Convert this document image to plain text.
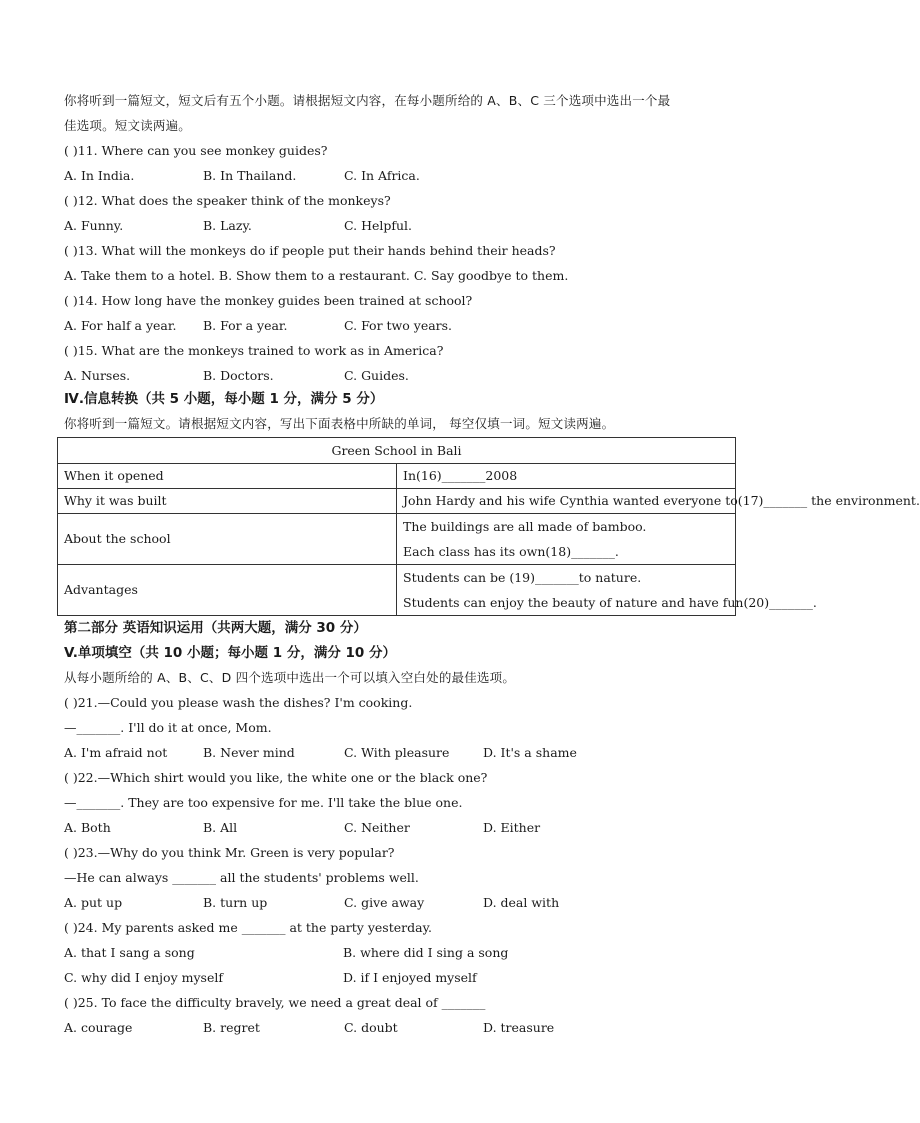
你将听到一篇短文，短文后有五个小题。请根据短文内容，在每小题所给的 A、B、C 三个选项中选出一个最
佳选项。短文读两遍。
( )11. Where can you see monkey guides?
A. In India.	B. In Thailand.	C. In Africa.
( )12. What does the speaker think of the monkeys?
A. Funny.	B. Lazy.	C. Helpful.
( )13. What will the monkeys do if people put their hands behind their heads?
A. Take them to a hotel. B. Show them to a restaurant. C. Say goodbye to them.
( )14. How long have the monkey guides been trained at school?
A. For half a year. B. For a year.	C. For two years.
( )15. What are the monkeys trained to work as in America?
A. Nurses.	B. Doctors.	C. Guides.
Ⅳ.信息转换（共 5 小题，每小题 1 分，满分 5 分）
你将听到一篇短文。请根据短文内容，写出下面表格中所缺的单词， 每空仅填一词。短文读两遍。
Green School in Bali	
When it opened	In(16)_______2008
Why it was built	John Hardy and his wife Cynthia wanted everyone to(17)_______ the environment.
About the school	The buildings are all made of bamboo.
Each class has its own(18)_______.

Advantages	Students can be (19)_______to nature.
Students can enjoy the beauty of nature and have fun(20)_______.
第二部分 英语知识运用（共两大题，满分 30 分）
V.单项填空（共 10 小题；每小题 1 分，满分 10 分）
从每小题所给的 A、B、C、D 四个选项中选出一个可以填入空白处的最佳选项。
( )21.—Could you please wash the dishes? I'm cooking.
—_______. I'll do it at once, Mom.
A. I'm afraid not	B. Never mind	C. With pleasure	D. It's a shame
( )22.—Which shirt would you like, the white one or the black one?
—_______. They are too expensive for me. I'll take the blue one.
A. Both	B. All	C. Neither	D. Either
( )23.—Why do you think Mr. Green is very popular?
—He can always _______ all the students' problems well.
A. put up	B. turn up	C. give away	D. deal with
( )24. My parents asked me _______ at the party yesterday.
A. that I sang a song	B. where did I sing a song
C. why did I enjoy myself	D. if I enjoyed myself
( )25. To face the difficulty bravely, we need a great deal of _______
A. courage	B. regret	C. doubt	D. treasure
